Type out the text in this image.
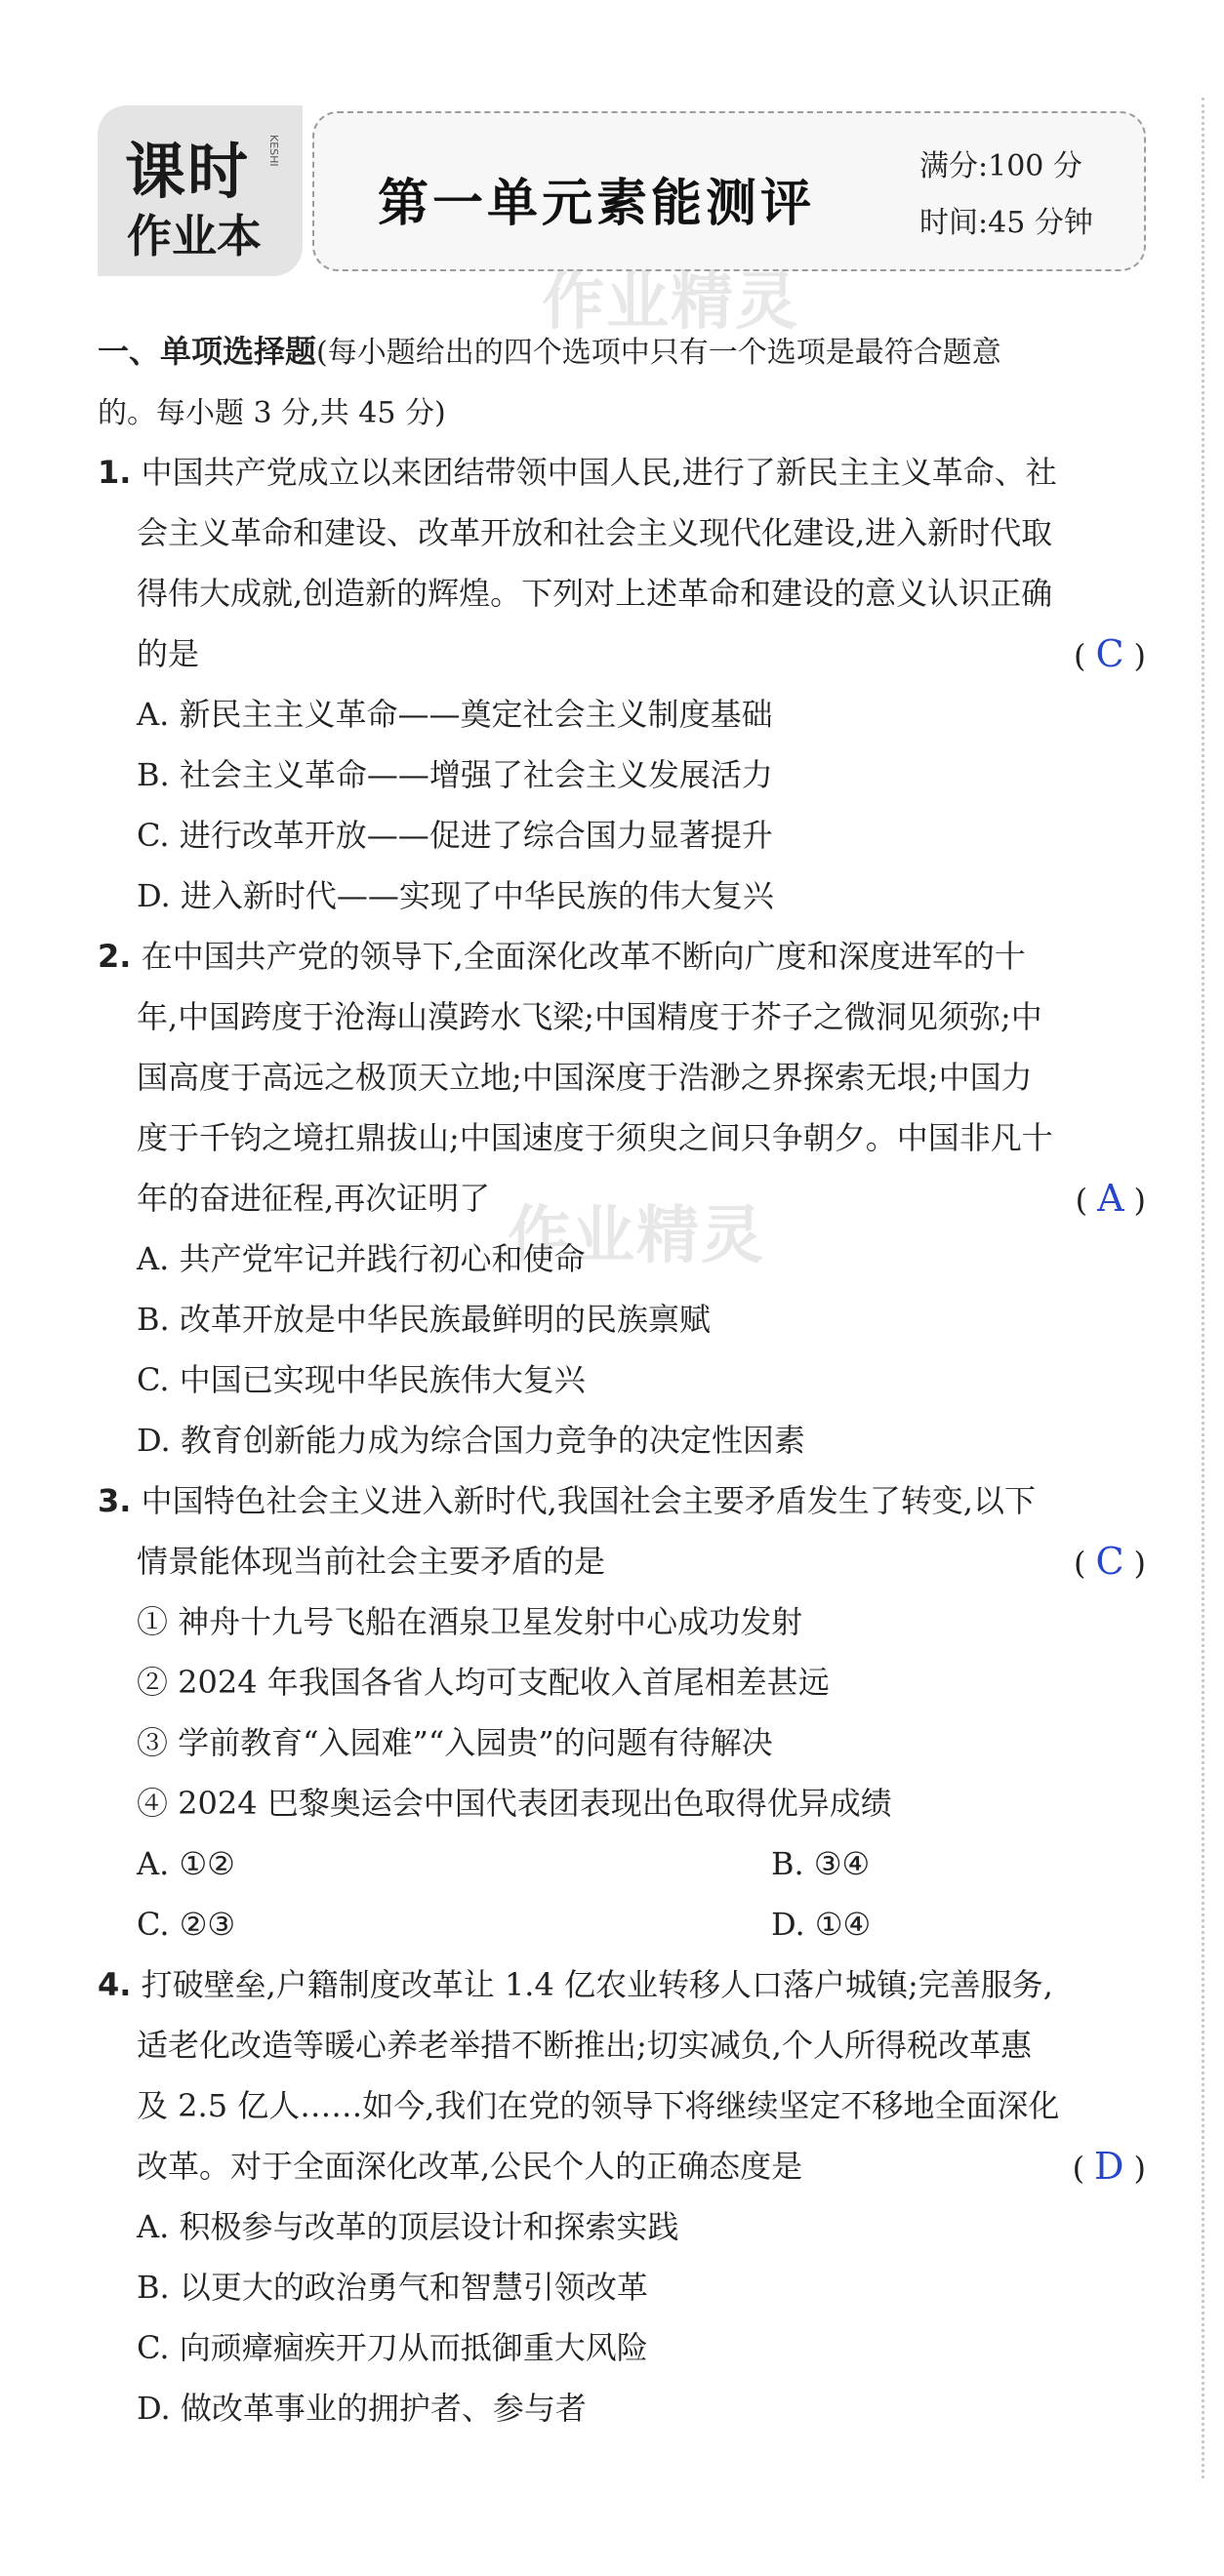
课时 KESHI
作业本
第一单元素能测评
满分:100 分
时间:45 分钟
作业精灵
作业精灵
一、单项选择题(每小题给出的四个选项中只有一个选项是最符合题意
的。每小题 3 分,共 45 分)
1. 中国共产党成立以来团结带领中国人民,进行了新民主主义革命、社
会主义革命和建设、改革开放和社会主义现代化建设,进入新时代取
得伟大成就,创造新的辉煌。下列对上述革命和建设的意义认识正确
的是	( C )
A. 新民主主义革命——奠定社会主义制度基础
B. 社会主义革命——增强了社会主义发展活力
C. 进行改革开放——促进了综合国力显著提升
D. 进入新时代——实现了中华民族的伟大复兴
2. 在中国共产党的领导下,全面深化改革不断向广度和深度进军的十
年,中国跨度于沧海山漠跨水飞梁;中国精度于芥子之微洞见须弥;中
国高度于高远之极顶天立地;中国深度于浩渺之界探索无垠;中国力
度于千钧之境扛鼎拔山;中国速度于须臾之间只争朝夕。中国非凡十
年的奋进征程,再次证明了	( A )
A. 共产党牢记并践行初心和使命
B. 改革开放是中华民族最鲜明的民族禀赋
C. 中国已实现中华民族伟大复兴
D. 教育创新能力成为综合国力竞争的决定性因素
3. 中国特色社会主义进入新时代,我国社会主要矛盾发生了转变,以下
情景能体现当前社会主要矛盾的是	( C )
① 神舟十九号飞船在酒泉卫星发射中心成功发射
② 2024 年我国各省人均可支配收入首尾相差甚远
③ 学前教育“入园难”“入园贵”的问题有待解决
④ 2024 巴黎奥运会中国代表团表现出色取得优异成绩
A. ①②	B. ③④
C. ②③	D. ①④
4. 打破壁垒,户籍制度改革让 1.4 亿农业转移人口落户城镇;完善服务,
适老化改造等暖心养老举措不断推出;切实减负,个人所得税改革惠
及 2.5 亿人……如今,我们在党的领导下将继续坚定不移地全面深化
改革。对于全面深化改革,公民个人的正确态度是	( D )
A. 积极参与改革的顶层设计和探索实践
B. 以更大的政治勇气和智慧引领改革
C. 向顽瘴痼疾开刀从而抵御重大风险
D. 做改革事业的拥护者、参与者
